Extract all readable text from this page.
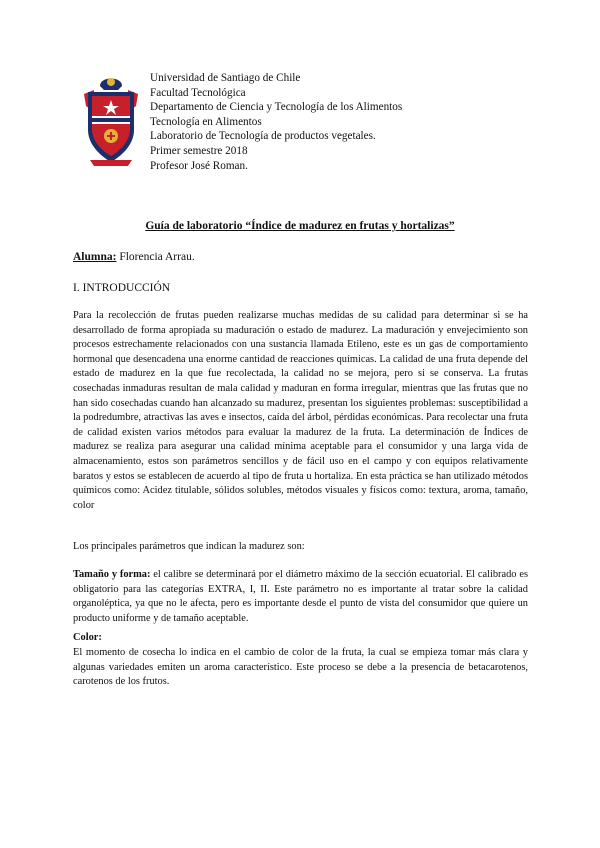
Universidad de Santiago de Chile
Facultad Tecnológica
Departamento de Ciencia y Tecnología de los Alimentos
Tecnología en Alimentos
Laboratorio de Tecnología de productos vegetales.
Primer semestre 2018
Profesor José Roman.
Guía de laboratorio “Índice de madurez en frutas y hortalizas”
Alumna: Florencia Arrau.
I. INTRODUCCIÓN
Para la recolección de frutas pueden realizarse muchas medidas de su calidad para determinar si se ha desarrollado de forma apropiada su maduración o estado de madurez. La maduración y envejecimiento son procesos estrechamente relacionados con una sustancia llamada Etileno, este es un gas de comportamiento hormonal que desencadena una enorme cantidad de reacciones químicas. La calidad de una fruta depende del estado de madurez en la que fue recolectada, la calidad no se mejora, pero si se conserva. La frutas cosechadas inmaduras resultan de mala calidad y maduran en forma irregular, mientras que las frutas que no han sido cosechadas cuando han alcanzado su madurez, presentan los siguientes problemas: susceptibilidad a la podredumbre, atractivas las aves e insectos, caída del árbol, pérdidas económicas. Para recolectar una fruta de calidad existen varios métodos para evaluar la madurez de la fruta. La determinación de Índices de madurez se realiza para asegurar una calidad mínima aceptable para el consumidor y una larga vida de almacenamiento, estos son parámetros sencillos y de fácil uso en el campo y con equipos relativamente baratos y estos se establecen de acuerdo al tipo de fruta u hortaliza. En esta práctica se han utilizado métodos químicos como: Acidez titulable, sólidos solubles, métodos visuales y físicos como: textura, aroma, tamaño, color
Los principales parámetros que indican la madurez son:
Tamaño y forma: el calibre se determinará por el diámetro máximo de la sección ecuatorial. El calibrado es obligatorio para las categorías EXTRA, I, II. Este parámetro no es importante al tratar sobre la calidad organoléptica, ya que no le afecta, pero es importante desde el punto de vista del consumidor que quiere un producto uniforme y de tamaño aceptable.
Color:
El momento de cosecha lo indica en el cambio de color de la fruta, la cual se empieza tomar más clara y algunas variedades emiten un aroma característico. Este proceso se debe a la presencia de betacarotenos, carotenos de los frutos.
